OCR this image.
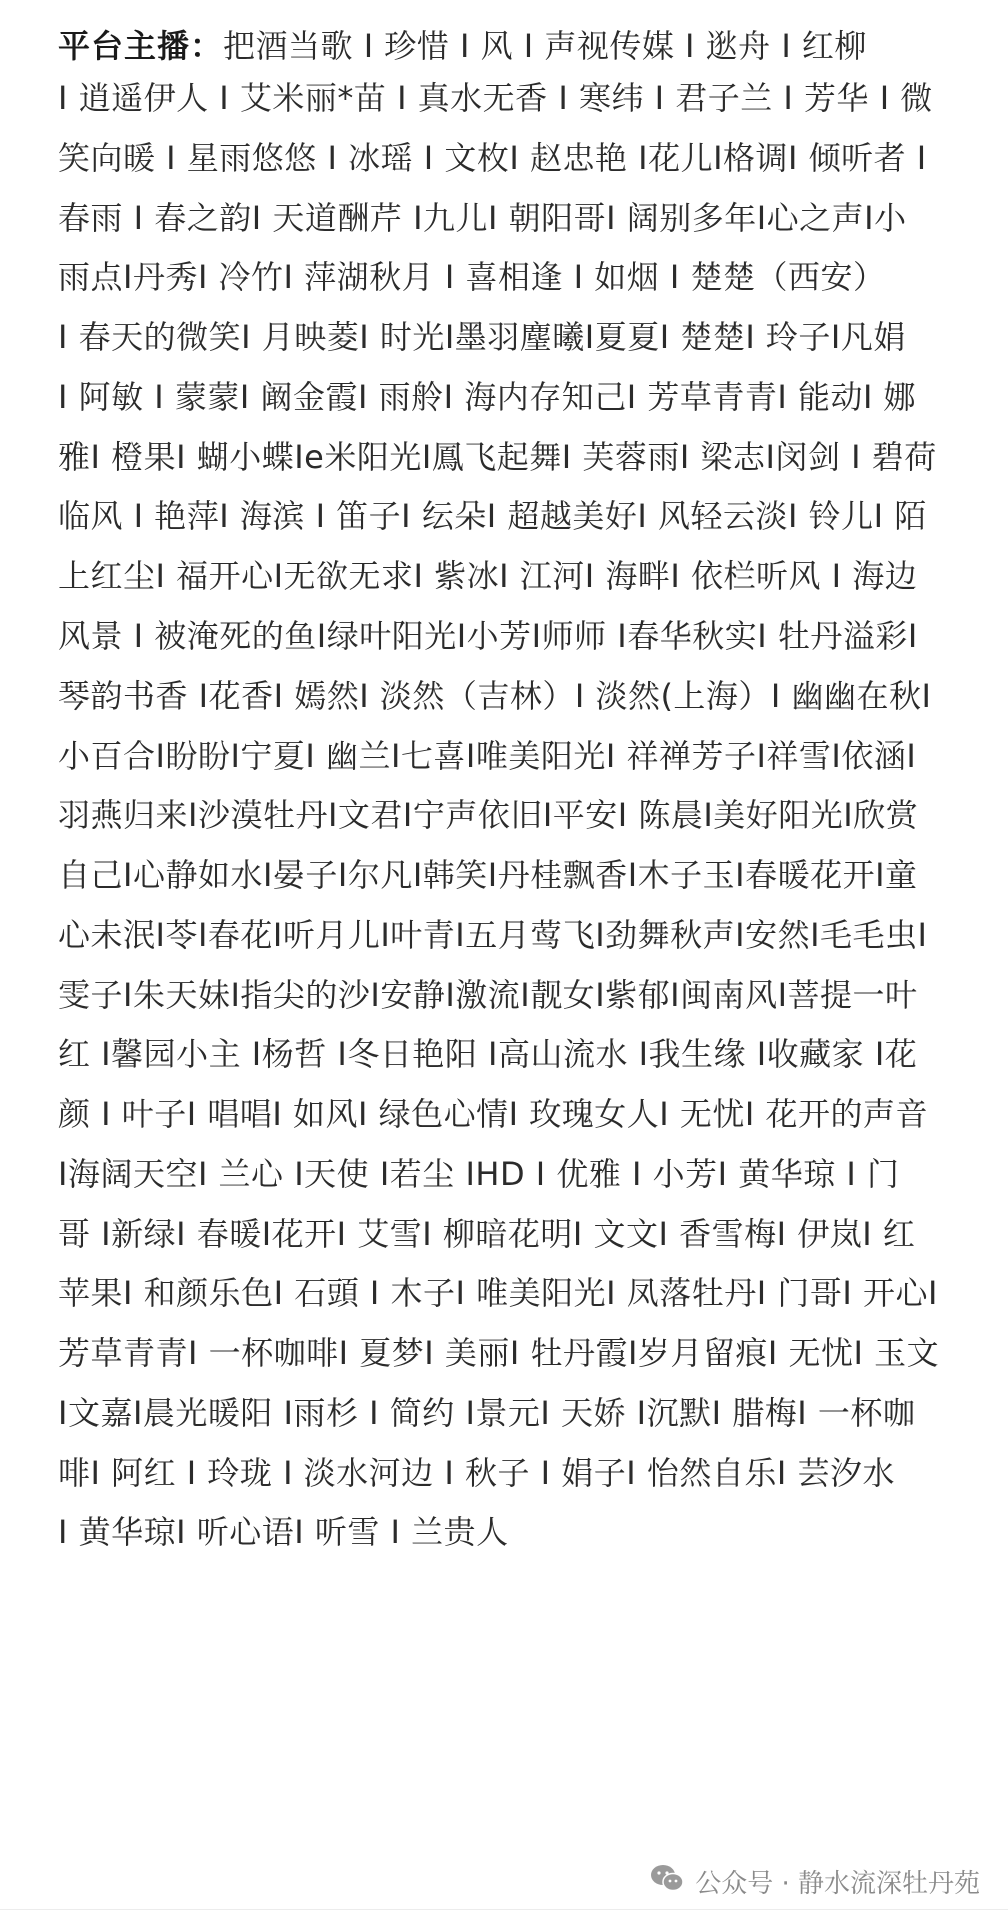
平台主播：把酒当歌 I 珍惜 I 风 I 声视传媒 I 逖舟 I 红柳
I 逍遥伊人 I 艾米丽*苗 I 真水无香 I 寒纬 I 君子兰 I 芳华 I 微
笑向暖 I 星雨悠悠 I 冰瑶 I 文枚I 赵忠艳 I花儿I格调I 倾听者 I
春雨 I 春之韵I 天道酬芹 I九儿I 朝阳哥I 阔别多年I心之声I小
雨点I丹秀I 冷竹I 萍湖秋月 I 喜相逢 I 如烟 I 楚楚（西安）
I 春天的微笑I 月映菱I 时光I墨羽麈曦I夏夏I 楚楚I 玲子I凡娟
I 阿敏 I 蒙蒙I 阚金霞I 雨舲I 海内存知己I 芳草青青I 能动I 娜
雅I 橙果I 蝴小蝶Ie米阳光I鳳飞起舞I 芙蓉雨I 梁志I闵剑 I 碧荷
临风 I 艳萍I 海滨 I 笛子I 纭朵I 超越美好I 风轻云淡I 铃儿I 陌
上红尘I 福开心I无欲无求I 紫冰I 江河I 海畔I 依栏听风 I 海边
风景 I 被淹死的鱼I绿叶阳光I小芳I师师 I春华秋实I 牡丹溢彩I
琴韵书香 I花香I 嫣然I 淡然（吉林）I 淡然(上海）I 幽幽在秋I
小百合I盼盼I宁夏I 幽兰I七喜I唯美阳光I 祥禅芳子I祥雪I依涵I
羽燕归来I沙漠牡丹I文君I宁声依旧I平安I 陈晨I美好阳光I欣赏
自己I心静如水I晏子I尔凡I韩笑I丹桂飘香I木子玉I春暖花开I童
心未泯I苓I春花I听月儿I叶青I五月莺飞I劲舞秋声I安然I毛毛虫I
雯子I朱天妹I指尖的沙I安静I激流I靓女I紫郁I闽南风I菩提一叶
红 I馨园小主 I杨哲 I冬日艳阳 I高山流水 I我生缘 I收藏家 I花
颜 I 叶子I 唱唱I 如风I 绿色心情I 玫瑰女人I 无忧I 花开的声音
I海阔天空I 兰心 I天使 I若尘 IHD I 优雅 I 小芳I 黄华琼 I 门
哥 I新绿I 春暖I花开I 艾雪I 柳暗花明I 文文I 香雪梅I 伊岚I 红
苹果I 和颜乐色I 石頭 I 木子I 唯美阳光I 凤落牡丹I 门哥I 开心I
芳草青青I 一杯咖啡I 夏梦I 美丽I 牡丹霞I岁月留痕I 无忧I 玉文
I文嘉I晨光暖阳 I雨杉 I 简约 I景元I 天娇 I沉默I 腊梅I 一杯咖
啡I 阿红 I 玲珑 I 淡水河边 I 秋子 I 娟子I 怡然自乐I 芸汐水
I 黄华琼I 听心语I 听雪 I 兰贵人
公众号 · 静水流深牡丹苑
